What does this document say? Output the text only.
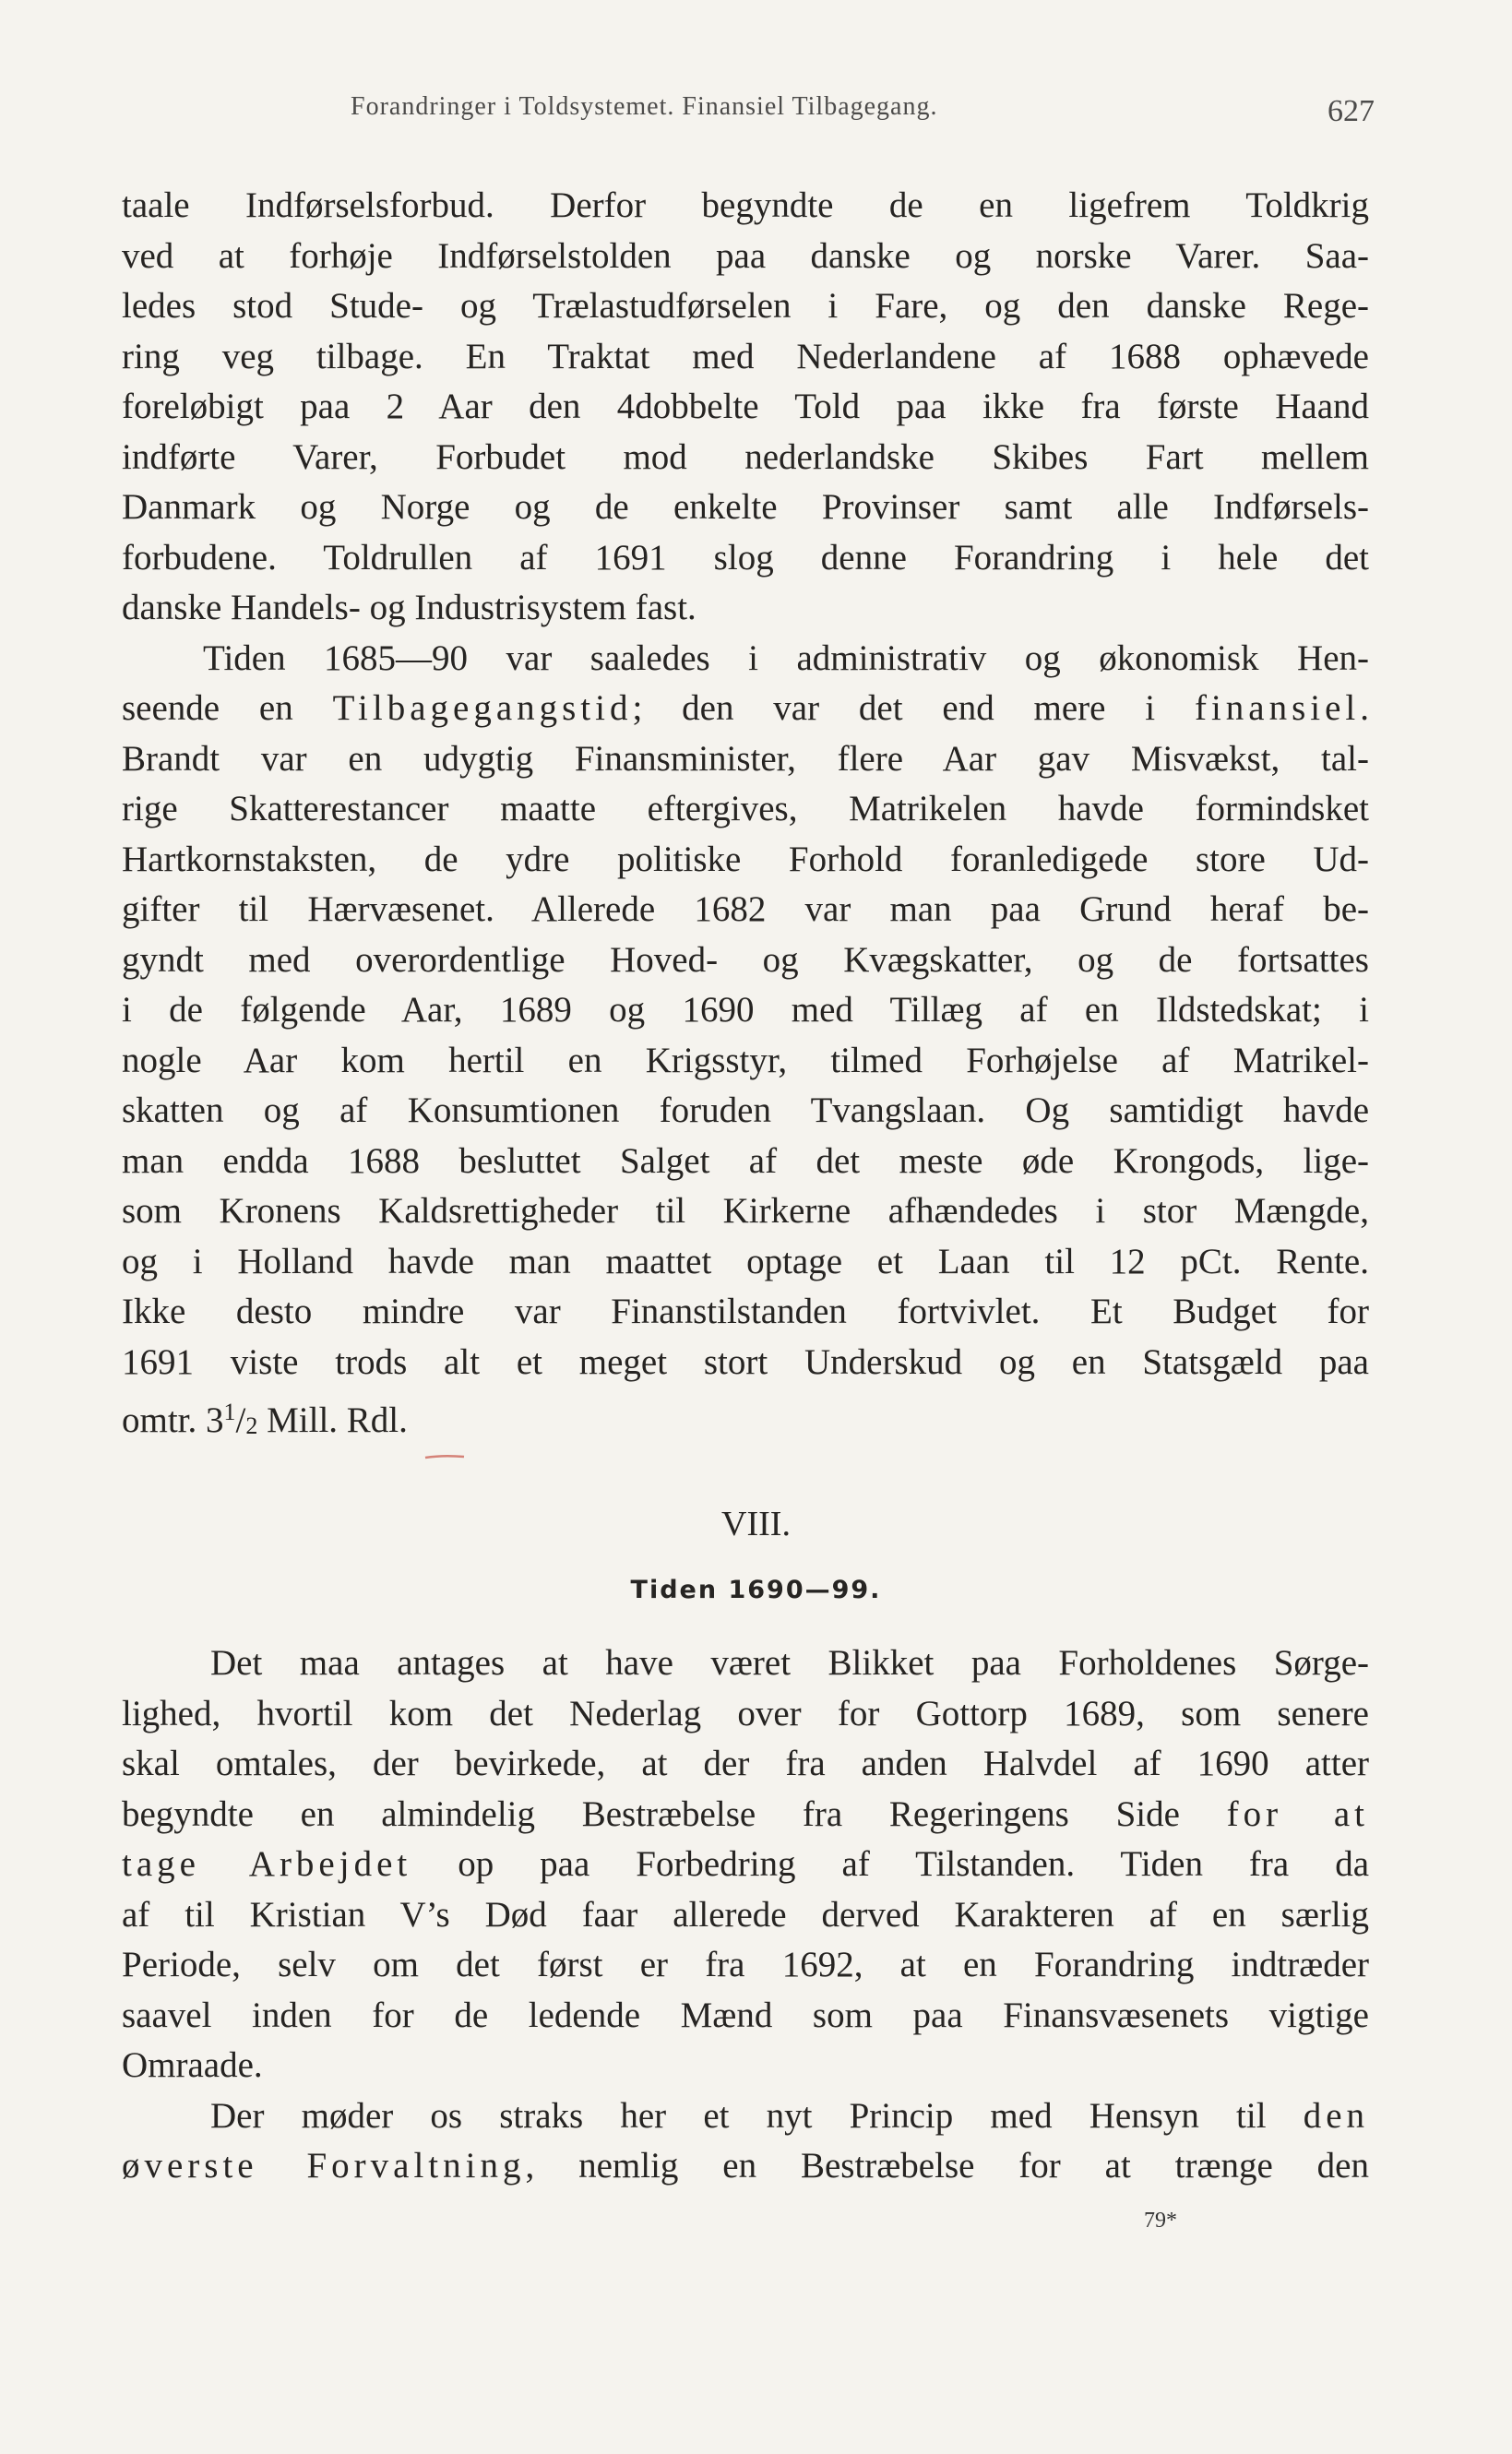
Forandringer i Toldsystemet. Finansiel Tilbagegang.	627
taale Indførselsforbud. Derfor begyndte de en ligefrem Toldkrig
ved at forhøje Indførselstolden paa danske og norske Varer. Saa-
ledes stod Stude- og Trælastudførselen i Fare, og den danske Rege-
ring veg tilbage. En Traktat med Nederlandene af 1688 ophævede
foreløbigt paa 2 Aar den 4dobbelte Told paa ikke fra første Haand
indførte Varer, Forbudet mod nederlandske Skibes Fart mellem
Danmark og Norge og de enkelte Provinser samt alle Indførsels-
forbudene. Toldrullen af 1691 slog denne Forandring i hele det
danske Handels- og Industrisystem fast.
Tiden 1685—90 var saaledes i administrativ og økonomisk Hen-
seende en Tilbagegangstid; den var det end mere i finansiel.
Brandt var en udygtig Finansminister, flere Aar gav Misvækst, tal-
rige Skatterestancer maatte eftergives, Matrikelen havde formindsket
Hartkornstaksten, de ydre politiske Forhold foranledigede store Ud-
gifter til Hærvæsenet. Allerede 1682 var man paa Grund heraf be-
gyndt med overordentlige Hoved- og Kvægskatter, og de fortsattes
i de følgende Aar, 1689 og 1690 med Tillæg af en Ildstedskat; i
nogle Aar kom hertil en Krigsstyr, tilmed Forhøjelse af Matrikel-
skatten og af Konsumtionen foruden Tvangslaan. Og samtidigt havde
man endda 1688 besluttet Salget af det meste øde Krongods, lige-
som Kronens Kaldsrettigheder til Kirkerne afhændedes i stor Mængde,
og i Holland havde man maattet optage et Laan til 12 pCt. Rente.
Ikke desto mindre var Finanstilstanden fortvivlet. Et Budget for
1691 viste trods alt et meget stort Underskud og en Statsgæld paa
omtr. $3^1/2$ Mill. Rdl.
VIII.
Tiden 1690—99.
Det maa antages at have været Blikket paa Forholdenes Sørge-
lighed, hvortil kom det Nederlag over for Gottorp 1689, som senere
skal omtales, der bevirkede, at der fra anden Halvdel af 1690 atter
begyndte en almindelig Bestræbelse fra Regeringens Side for at
tage Arbejdet op paa Forbedring af Tilstanden. Tiden fra da
af til Kristian V’s Død faar allerede derved Karakteren af en særlig
Periode, selv om det først er fra 1692, at en Forandring indtræder
saavel inden for de ledende Mænd som paa Finansvæsenets vigtige
Omraade.
Der møder os straks her et nyt Princip med Hensyn til den
øverste Forvaltning, nemlig en Bestræbelse for at trænge den
79*
